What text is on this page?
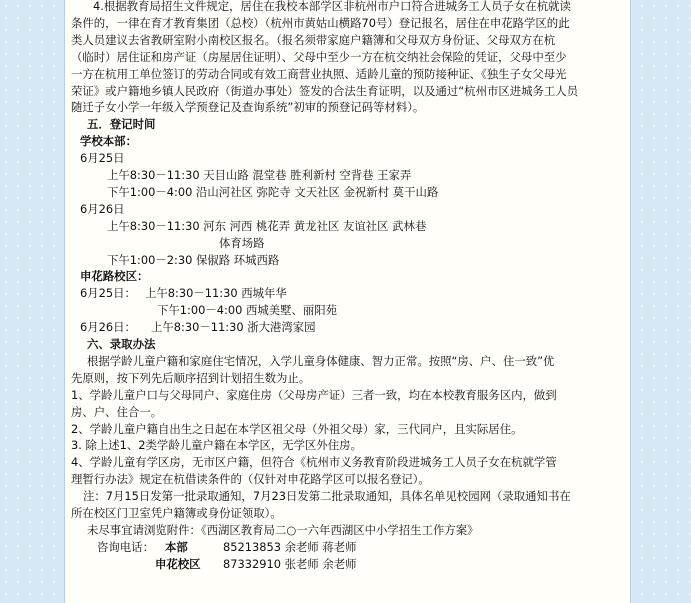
4.根据教育局招生文件规定，居住在我校本部学区非杭州市户口符合进城务工人员子女在杭就读
条件的，一律在育才教育集团（总校）（杭州市黄姑山横路70号）登记报名，居住在申花路学区的此
类人员建议去省教研室附小南校区报名。（报名须带家庭户籍簿和父母双方身份证、父母双方在杭
（临时）居住证和房产证（房屋居住证明）、父母中至少一方在杭交纳社会保险的凭证，父母中至少
一方在杭用工单位签订的劳动合同或有效工商营业执照、适龄儿童的预防接种证、《独生子女父母光
荣证》或户籍地乡镇人民政府（街道办事处）签发的合法生育证明，以及通过“杭州市区进城务工人员
随迁子女小学一年级入学预登记及查询系统”初审的预登记码等材料）。
五．登记时间
学校本部：
6月25日
上午8:30－11:30 天目山路 混堂巷 胜利新村 空背巷 王家弄
下午1:00－4:00 沿山河社区 弥陀寺 文天社区 金祝新村 莫干山路
6月26日
上午8:30－11:30 河东 河西 桃花弄 黄龙社区 友谊社区 武林巷
体育场路
下午1:00－2:30 保俶路 环城西路
申花路校区：
6月25日： 上午8:30－11:30 西城年华
下午1:00－4:00 西城美墅、丽阳苑
6月26日： 上午8:30－11:30 浙大港湾家园
六、录取办法
根据学龄儿童户籍和家庭住宅情况，入学儿童身体健康、智力正常。按照“房、户、住一致”优
先原则，按下列先后顺序招到计划招生数为止。
1、学龄儿童户口与父母同户、家庭住房（父母房产证）三者一致，均在本校教育服务区内，做到
房、户、住合一。
2、学龄儿童户籍自出生之日起在本学区祖父母（外祖父母）家，三代同户，且实际居住。
3. 除上述1、2类学龄儿童户籍在本学区，无学区外住房。
4、学龄儿童有学区房，无市区户籍，但符合《杭州市义务教育阶段进城务工人员子女在杭就学管
理暂行办法》规定在杭借读条件的（仅针对申花路学区可以报名登记）。
注：7月15日发第一批录取通知，7月23日发第二批录取通知，具体名单见校园网（录取通知书在
所在校区门卫室凭户籍簿或身份证领取）。
未尽事宜请浏览附件：《西湖区教育局二○一六年西湖区中小学招生工作方案》
咨询电话： 本部	85213853 余老师 蒋老师
申花校区 87332910 张老师 余老师
